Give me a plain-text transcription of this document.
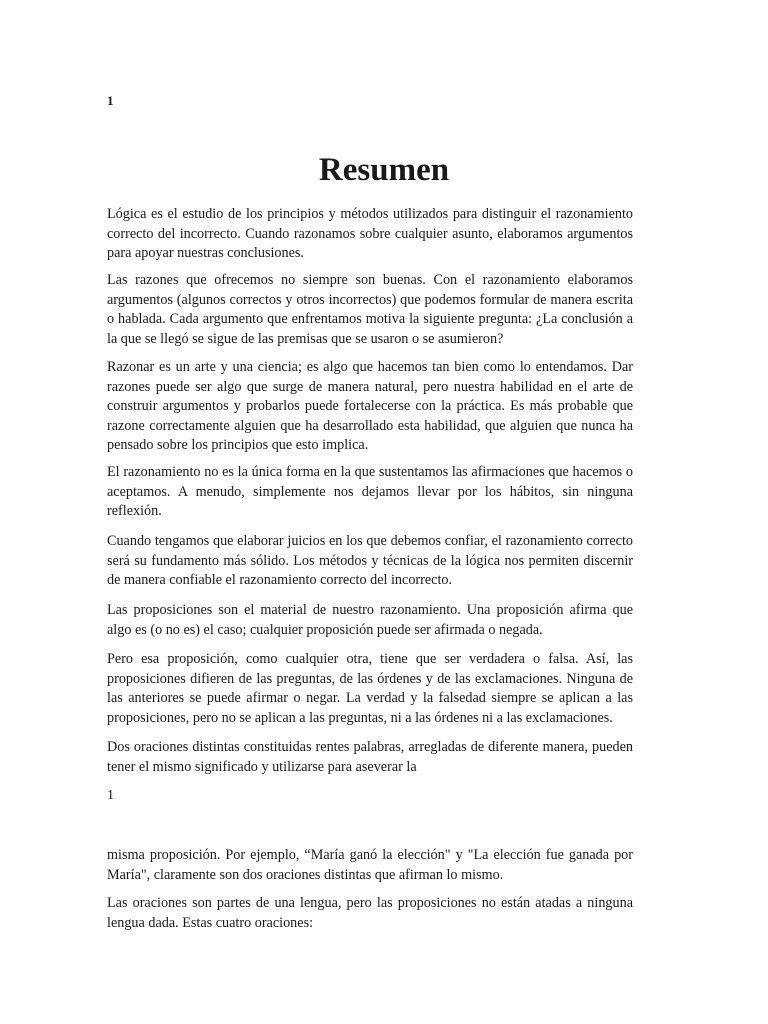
1
Resumen

Lógica es el estudio de los principios y métodos utilizados para distinguir el razonamiento correcto del incorrecto. Cuando razonamos sobre cualquier asunto, elaboramos argumentos para apoyar nuestras conclusiones.

Las razones que ofrecemos no siempre son buenas. Con el razonamiento elaboramos argumentos (algunos correctos y otros incorrectos) que podemos formular de manera escrita o hablada. Cada argumento que enfrentamos motiva la siguiente pregunta: ¿La conclusión a la que se llegó se sigue de las premisas que se usaron o se asumieron?

Razonar es un arte y una ciencia; es algo que hacemos tan bien como lo entendamos. Dar razones puede ser algo que surge de manera natural, pero nuestra habilidad en el arte de construir argumentos y probarlos puede fortalecerse con la práctica. Es más probable que razone correctamente alguien que ha desarrollado esta habilidad, que alguien que nunca ha pensado sobre los principios que esto implica.

El razonamiento no es la única forma en la que sustentamos las afirmaciones que hacemos o aceptamos. A menudo, simplemente nos dejamos llevar por los hábitos, sin ninguna reflexión.

Cuando tengamos que elaborar juicios en los que debemos confiar, el razonamiento correcto será su fundamento más sólido. Los métodos y técnicas de la lógica nos permiten discernir de manera confiable el razonamiento correcto del incorrecto.

Las proposiciones son el material de nuestro razonamiento. Una proposición afirma que algo es (o no es) el caso; cualquier proposición puede ser afirmada o negada.

Pero esa proposición, como cualquier otra, tiene que ser verdadera o falsa. Así, las proposiciones difieren de las preguntas, de las órdenes y de las exclamaciones. Ninguna de las anteriores se puede afirmar o negar. La verdad y la falsedad siempre se aplican a las proposiciones, pero no se aplican a las preguntas, ni a las órdenes ni a las exclamaciones.

Dos oraciones distintas constituidas rentes palabras, arregladas de diferente manera, pueden tener el mismo significado y utilizarse para aseverar la

1

misma proposición. Por ejemplo, “María ganó la elección" y "La elección fue ganada por María", claramente son dos oraciones distintas que afirman lo mismo.

Las oraciones son partes de una lengua, pero las proposiciones no están atadas a ninguna lengua dada. Estas cuatro oraciones:
